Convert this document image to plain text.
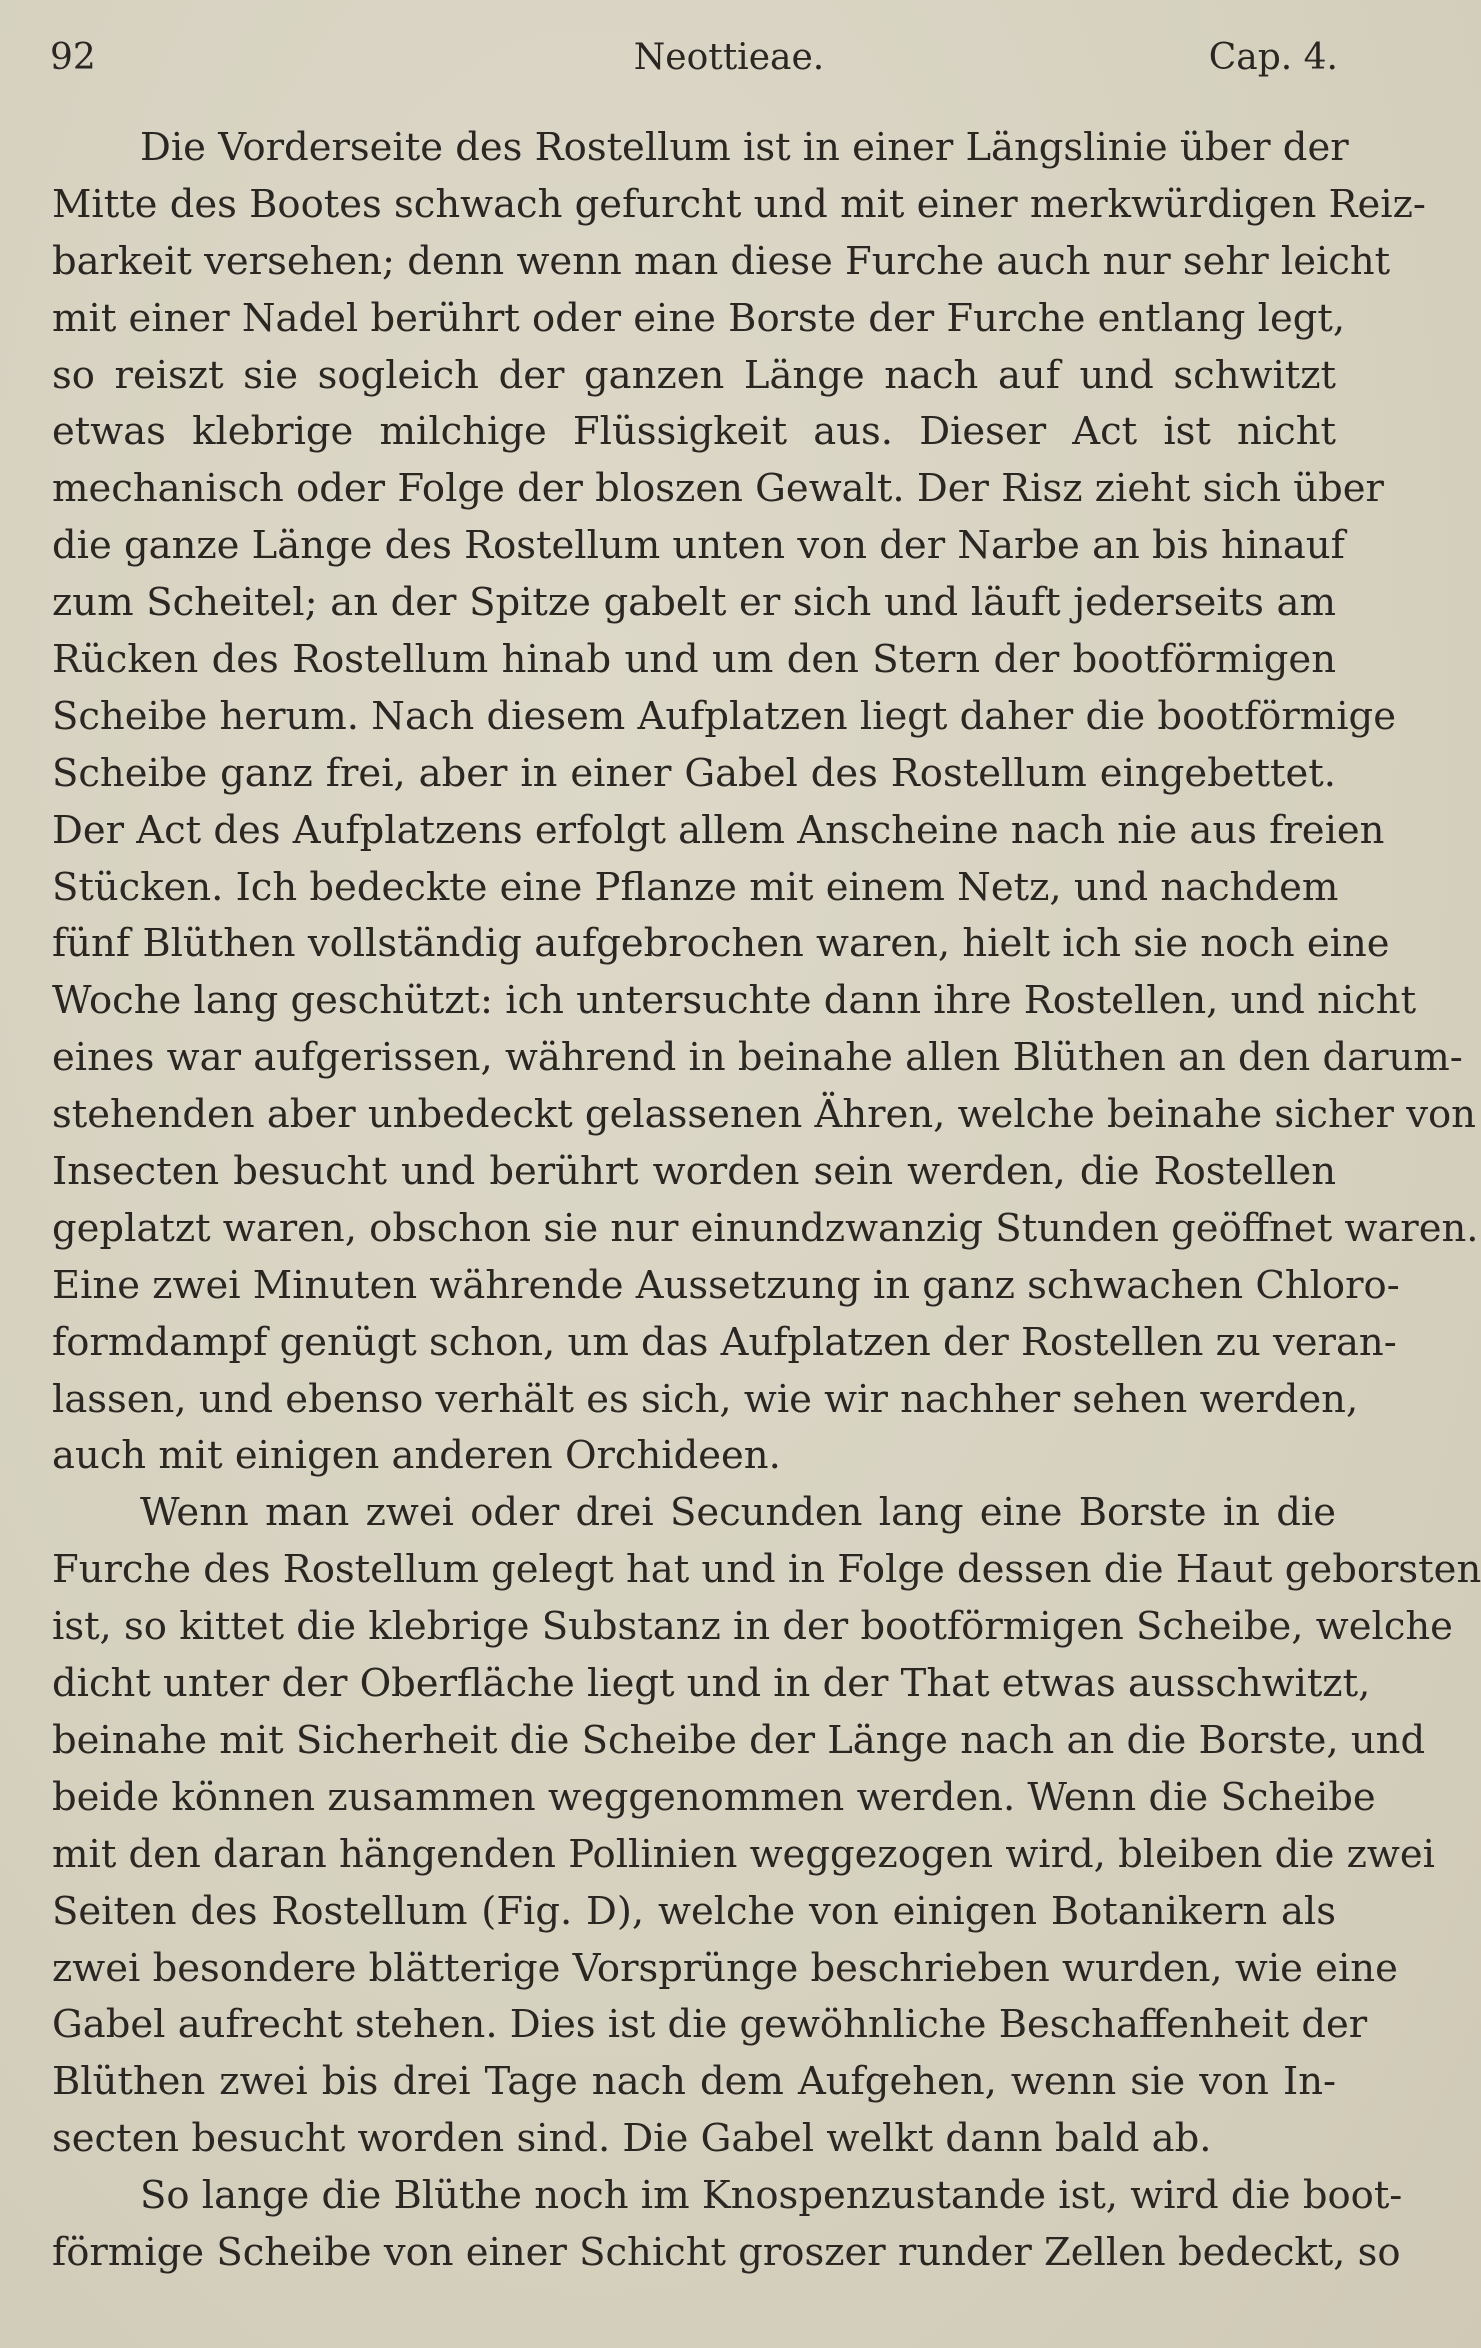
92	Neottieae.	Cap. 4.
Die Vorderseite des Rostellum ist in einer Längslinie über der
Mitte des Bootes schwach gefurcht und mit einer merkwürdigen Reiz-
barkeit versehen; denn wenn man diese Furche auch nur sehr leicht
mit einer Nadel berührt oder eine Borste der Furche entlang legt,
so reiszt sie sogleich der ganzen Länge nach auf und schwitzt
etwas klebrige milchige Flüssigkeit aus. Dieser Act ist nicht
mechanisch oder Folge der bloszen Gewalt. Der Risz zieht sich über
die ganze Länge des Rostellum unten von der Narbe an bis hinauf
zum Scheitel; an der Spitze gabelt er sich und läuft jederseits am
Rücken des Rostellum hinab und um den Stern der bootförmigen
Scheibe herum. Nach diesem Aufplatzen liegt daher die bootförmige
Scheibe ganz frei, aber in einer Gabel des Rostellum eingebettet.
Der Act des Aufplatzens erfolgt allem Anscheine nach nie aus freien
Stücken. Ich bedeckte eine Pflanze mit einem Netz, und nachdem
fünf Blüthen vollständig aufgebrochen waren, hielt ich sie noch eine
Woche lang geschützt: ich untersuchte dann ihre Rostellen, und nicht
eines war aufgerissen, während in beinahe allen Blüthen an den darum-
stehenden aber unbedeckt gelassenen Ähren, welche beinahe sicher von
Insecten besucht und berührt worden sein werden, die Rostellen
geplatzt waren, obschon sie nur einundzwanzig Stunden geöffnet waren.
Eine zwei Minuten währende Aussetzung in ganz schwachen Chloro-
formdampf genügt schon, um das Aufplatzen der Rostellen zu veran-
lassen, und ebenso verhält es sich, wie wir nachher sehen werden,
auch mit einigen anderen Orchideen.
Wenn man zwei oder drei Secunden lang eine Borste in die
Furche des Rostellum gelegt hat und in Folge dessen die Haut geborsten
ist, so kittet die klebrige Substanz in der bootförmigen Scheibe, welche
dicht unter der Oberfläche liegt und in der That etwas ausschwitzt,
beinahe mit Sicherheit die Scheibe der Länge nach an die Borste, und
beide können zusammen weggenommen werden. Wenn die Scheibe
mit den daran hängenden Pollinien weggezogen wird, bleiben die zwei
Seiten des Rostellum (Fig. D), welche von einigen Botanikern als
zwei besondere blätterige Vorsprünge beschrieben wurden, wie eine
Gabel aufrecht stehen. Dies ist die gewöhnliche Beschaffenheit der
Blüthen zwei bis drei Tage nach dem Aufgehen, wenn sie von In-
secten besucht worden sind. Die Gabel welkt dann bald ab.
So lange die Blüthe noch im Knospenzustande ist, wird die boot-
förmige Scheibe von einer Schicht groszer runder Zellen bedeckt, so
